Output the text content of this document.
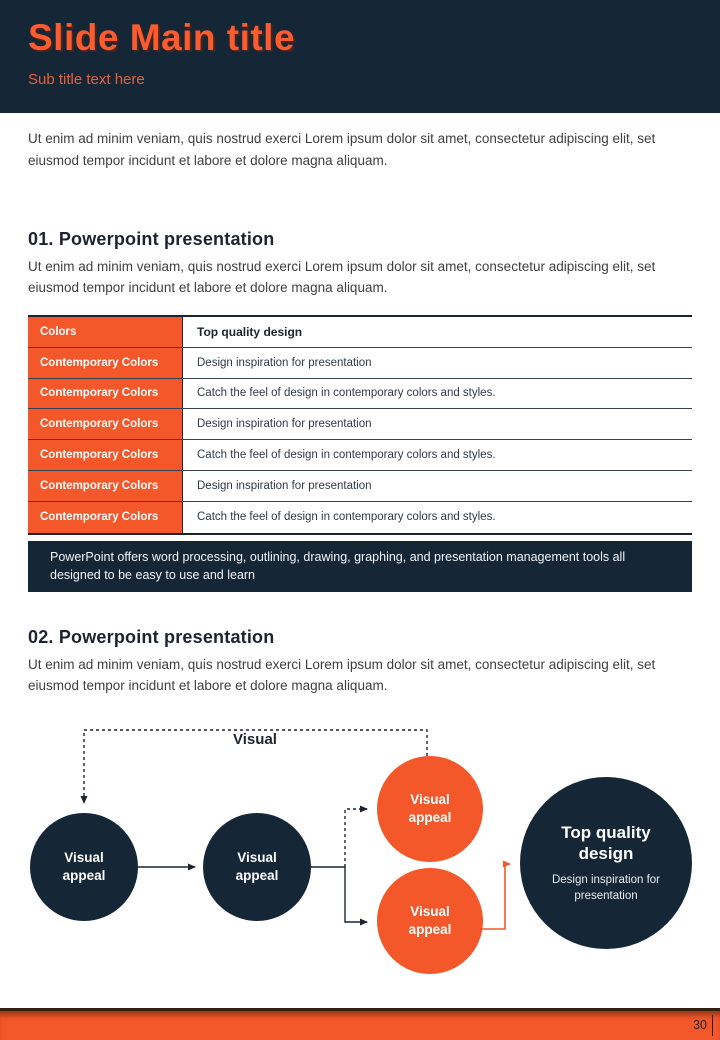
Slide Main title
Sub title text here

Ut enim ad minim veniam, quis nostrud exerci Lorem ipsum dolor sit amet, consectetur adipiscing elit, set eiusmod tempor incidunt et labore et dolore magna aliquam.

01. Powerpoint presentation

Ut enim ad minim veniam, quis nostrud exerci Lorem ipsum dolor sit amet, consectetur adipiscing elit, set eiusmod tempor incidunt et labore et dolore magna aliquam.

Colors	Top quality design
Contemporary Colors	Design inspiration for presentation
Contemporary Colors	Catch the feel of design in contemporary colors and styles.
Contemporary Colors	Design inspiration for presentation
Contemporary Colors	Catch the feel of design in contemporary colors and styles.
Contemporary Colors	Design inspiration for presentation
Contemporary Colors	Catch the feel of design in contemporary colors and styles.

PowerPoint offers word processing, outlining, drawing, graphing, and presentation management tools all designed to be easy to use and learn

02. Powerpoint presentation

Ut enim ad minim veniam, quis nostrud exerci Lorem ipsum dolor sit amet, consectetur adipiscing elit, set eiusmod tempor incidunt et labore et dolore magna aliquam.

Visual
Visual appeal
Visual appeal
Visual appeal
Visual appeal
Top quality design
Design inspiration for presentation
30
